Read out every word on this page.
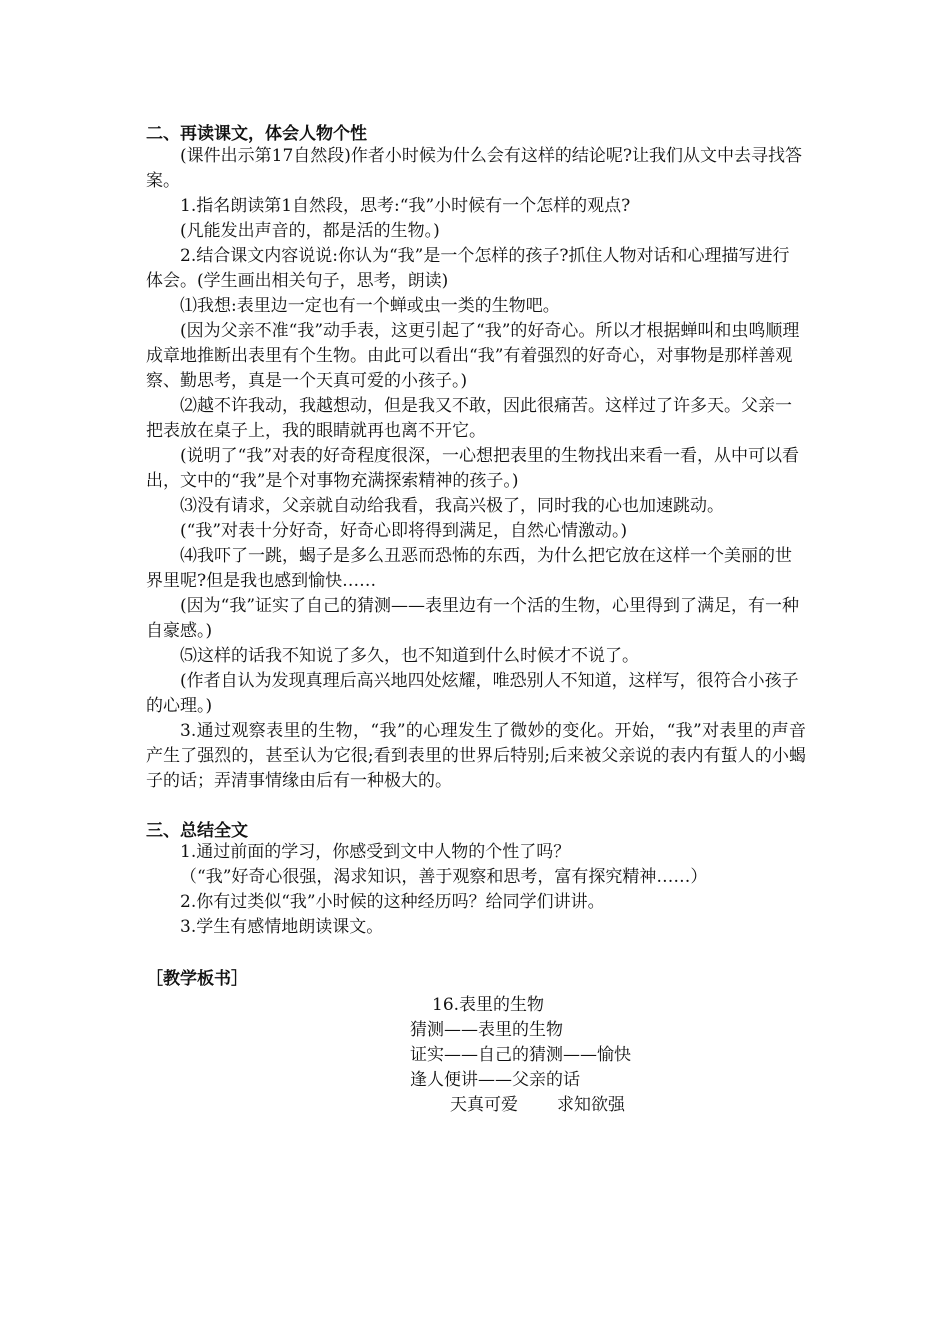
二、再读课文，体会人物个性
(课件出示第17自然段)作者小时候为什么会有这样的结论呢?让我们从文中去寻找答案。
1.指名朗读第1自然段，思考:“我”小时候有一个怎样的观点?
(凡能发出声音的，都是活的生物。)
2.结合课文内容说说:你认为“我”是一个怎样的孩子?抓住人物对话和心理描写进行体会。(学生画出相关句子，思考，朗读)
⑴我想:表里边一定也有一个蝉或虫一类的生物吧。
(因为父亲不准“我”动手表，这更引起了“我”的好奇心。所以才根据蝉叫和虫鸣顺理成章地推断出表里有个生物。由此可以看出“我”有着强烈的好奇心，对事物是那样善观察、勤思考，真是一个天真可爱的小孩子。)
⑵越不许我动，我越想动，但是我又不敢，因此很痛苦。这样过了许多天。父亲一把表放在桌子上，我的眼睛就再也离不开它。
(说明了“我”对表的好奇程度很深，一心想把表里的生物找出来看一看，从中可以看出，文中的“我”是个对事物充满探索精神的孩子。)
⑶没有请求，父亲就自动给我看，我高兴极了，同时我的心也加速跳动。
(“我”对表十分好奇，好奇心即将得到满足，自然心情激动。)
⑷我吓了一跳，蝎子是多么丑恶而恐怖的东西，为什么把它放在这样一个美丽的世界里呢?但是我也感到愉快……
(因为“我”证实了自己的猜测——表里边有一个活的生物，心里得到了满足，有一种自豪感。)
⑸这样的话我不知说了多久，也不知道到什么时候才不说了。
(作者自认为发现真理后高兴地四处炫耀，唯恐别人不知道，这样写，很符合小孩子的心理。)
3.通过观察表里的生物，“我”的心理发生了微妙的变化。开始，“我”对表里的声音产生了强烈的，甚至认为它很;看到表里的世界后特别;后来被父亲说的表内有蜇人的小蝎子的话；弄清事情缘由后有一种极大的。
三、总结全文
1.通过前面的学习，你感受到文中人物的个性了吗？
（“我”好奇心很强，渴求知识，善于观察和思考，富有探究精神……）
2.你有过类似“我”小时候的这种经历吗？给同学们讲讲。
3.学生有感情地朗读课文。
［教学板书］
16.表里的生物
猜测——表里的生物
证实——自己的猜测——愉快
逢人便讲——父亲的话
天真可爱 求知欲强
